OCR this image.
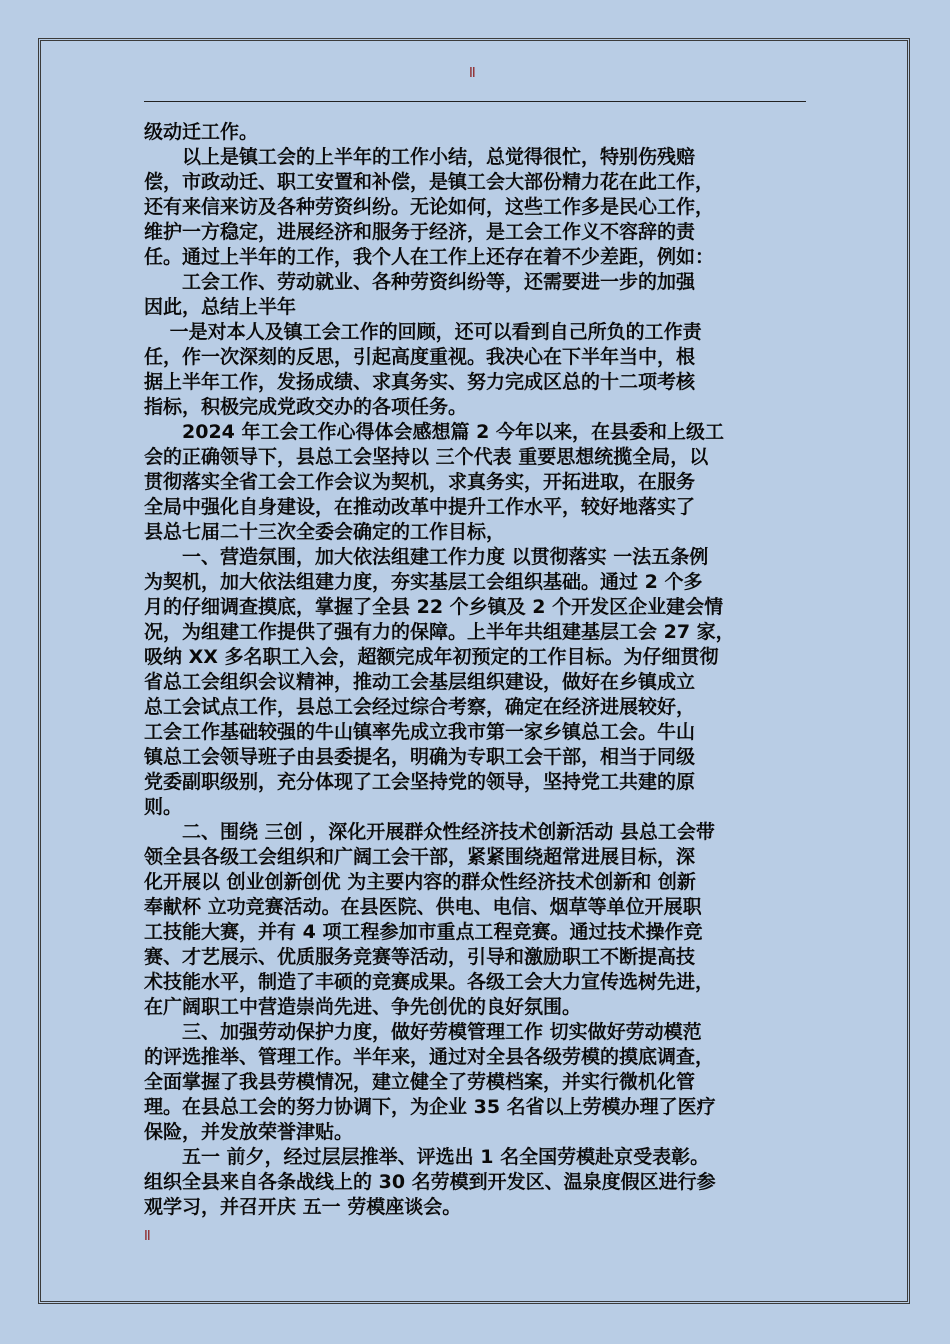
II

级动迁工作。

　　以上是镇工会的上半年的工作小结，总觉得很忙，特别伤残赔

偿，市政动迁、职工安置和补偿，是镇工会大部份精力花在此工作，

还有来信来访及各种劳资纠纷。无论如何，这些工作多是民心工作，

维护一方稳定，进展经济和服务于经济，是工会工作义不容辞的责

任。通过上半年的工作，我个人在工作上还存在着不少差距，例如：

　　工会工作、劳动就业、各种劳资纠纷等，还需要进一步的加强

因此，总结上半年

　 一是对本人及镇工会工作的回顾，还可以看到自己所负的工作责

任，作一次深刻的反思，引起高度重视。我决心在下半年当中，根

据上半年工作，发扬成绩、求真务实、努力完成区总的十二项考核

指标，积极完成党政交办的各项任务。

　　2024 年工会工作心得体会感想篇 2 今年以来，在县委和上级工

会的正确领导下，县总工会坚持以 三个代表 重要思想统揽全局，以

贯彻落实全省工会工作会议为契机，求真务实，开拓进取，在服务

全局中强化自身建设，在推动改革中提升工作水平，较好地落实了

县总七届二十三次全委会确定的工作目标，

　　一、营造氛围，加大依法组建工作力度 以贯彻落实 一法五条例

为契机，加大依法组建力度，夯实基层工会组织基础。通过 2 个多

月的仔细调查摸底，掌握了全县 22 个乡镇及 2 个开发区企业建会情

况，为组建工作提供了强有力的保障。上半年共组建基层工会 27 家，

吸纳 XX 多名职工入会，超额完成年初预定的工作目标。为仔细贯彻

省总工会组织会议精神，推动工会基层组织建设，做好在乡镇成立

总工会试点工作，县总工会经过综合考察，确定在经济进展较好，

工会工作基础较强的牛山镇率先成立我市第一家乡镇总工会。牛山

镇总工会领导班子由县委提名，明确为专职工会干部，相当于同级

党委副职级别，充分体现了工会坚持党的领导，坚持党工共建的原

则。

　　二、围绕 三创 ，深化开展群众性经济技术创新活动 县总工会带

领全县各级工会组织和广阔工会干部，紧紧围绕超常进展目标，深

化开展以 创业创新创优 为主要内容的群众性经济技术创新和 创新

奉献杯 立功竞赛活动。在县医院、供电、电信、烟草等单位开展职

工技能大赛，并有 4 项工程参加市重点工程竞赛。通过技术操作竞

赛、才艺展示、优质服务竞赛等活动，引导和激励职工不断提高技

术技能水平，制造了丰硕的竞赛成果。各级工会大力宣传选树先进，

在广阔职工中营造崇尚先进、争先创优的良好氛围。

　　三、加强劳动保护力度，做好劳模管理工作 切实做好劳动模范

的评选推举、管理工作。半年来，通过对全县各级劳模的摸底调查，

全面掌握了我县劳模情况，建立健全了劳模档案，并实行微机化管

理。在县总工会的努力协调下，为企业 35 名省以上劳模办理了医疗

保险，并发放荣誉津贴。

　　五一 前夕，经过层层推举、评选出 1 名全国劳模赴京受表彰。

组织全县来自各条战线上的 30 名劳模到开发区、温泉度假区进行参

观学习，并召开庆 五一 劳模座谈会。

II
